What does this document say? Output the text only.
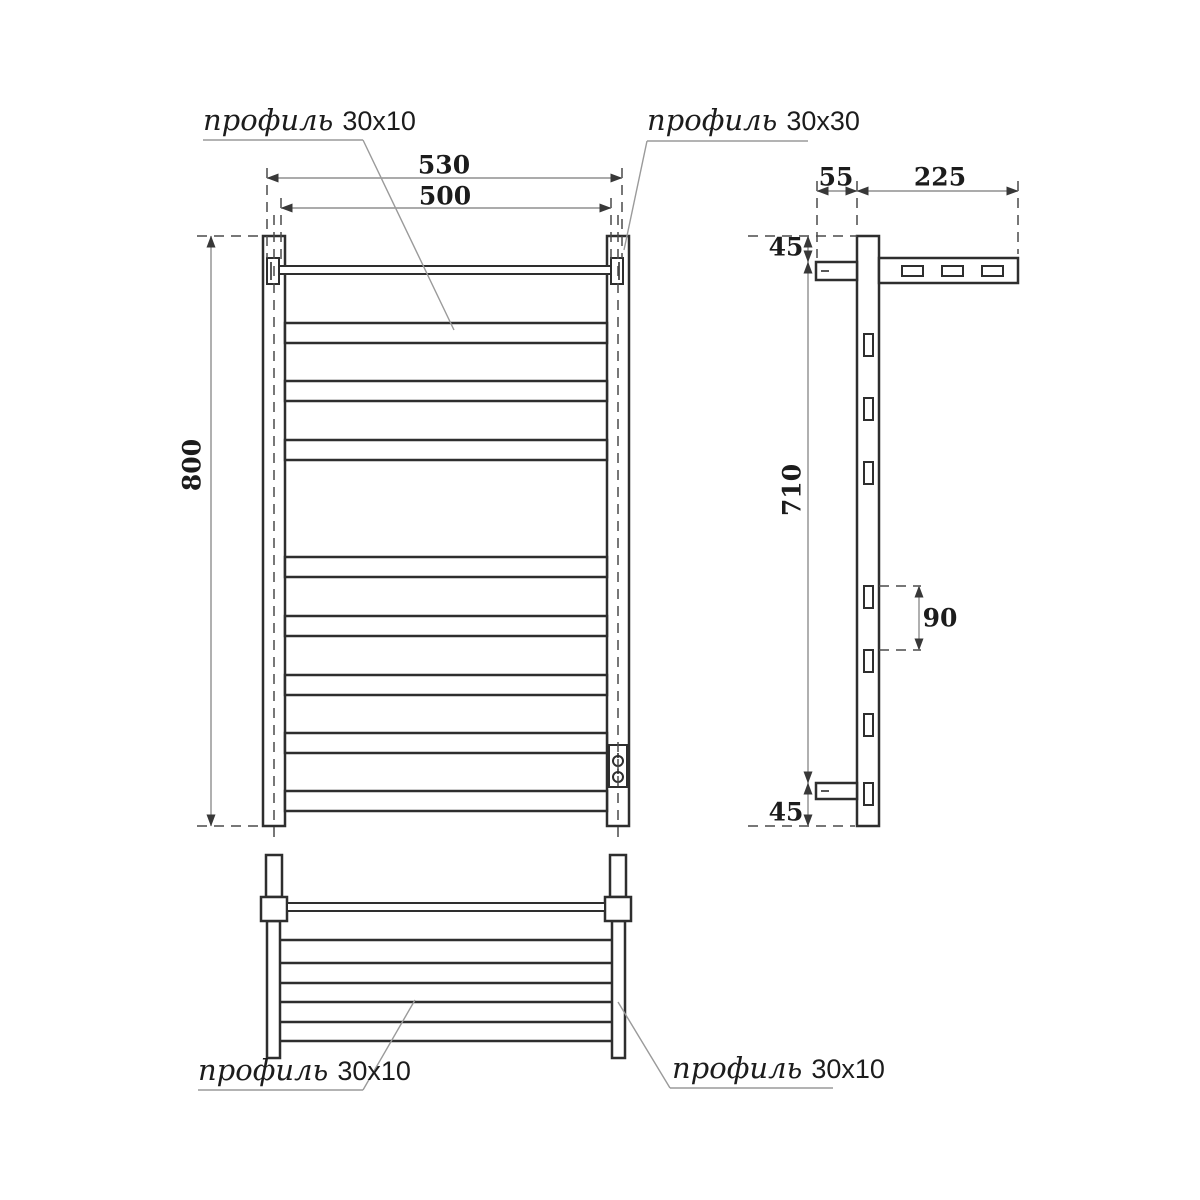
530
500
800
55 225
45
710
90
45
профиль 30x10	профиль 30x30
профиль 30x10	профиль 30x10
